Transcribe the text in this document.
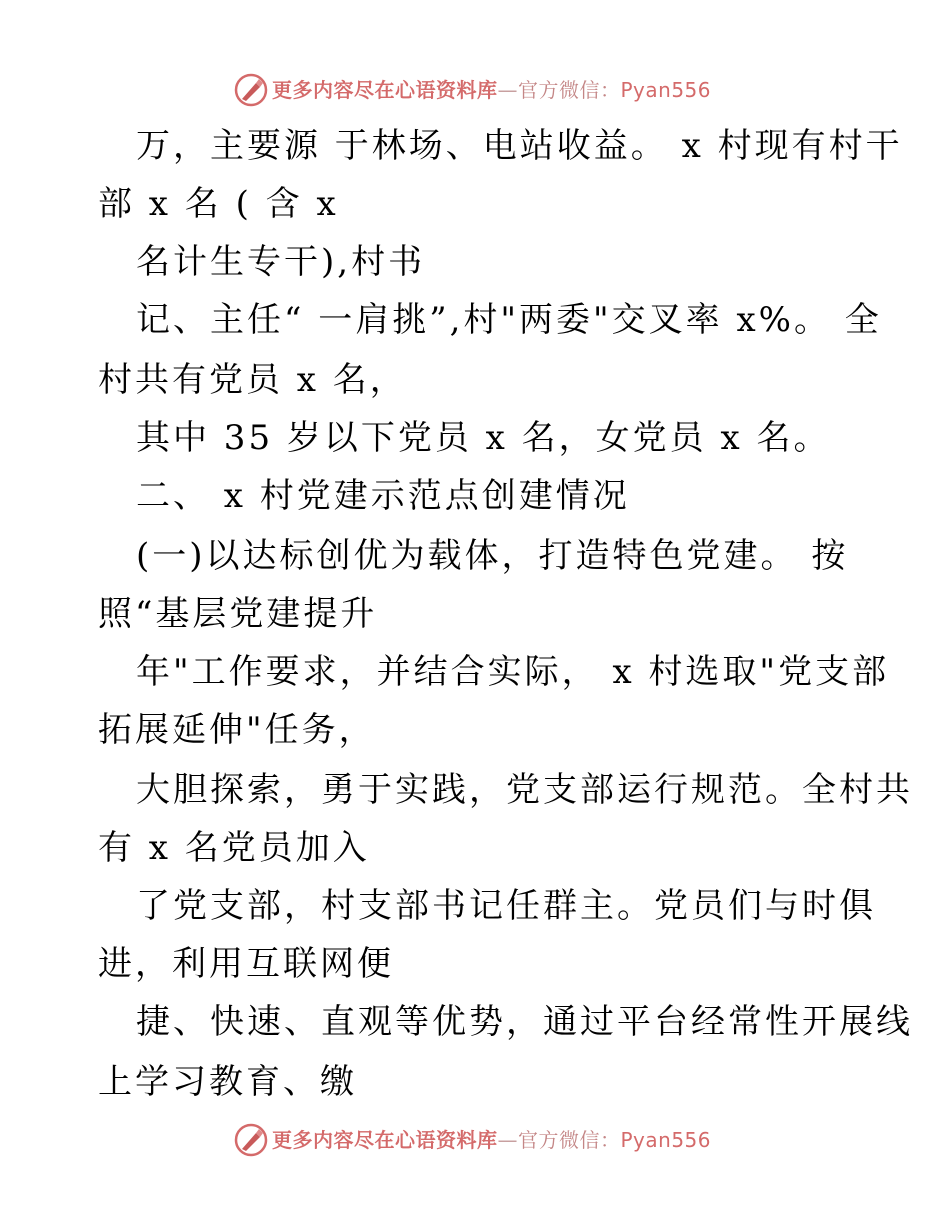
更多内容尽在心语资料库—官方微信：Pyan556
万，主要源 于林场、电站收益。 x 村现有村干
部 x 名 ( 含 x
名计生专干),村书
记、主任“ 一肩挑”,村"两委"交叉率 x%。 全
村共有党员 x 名，
其中 35 岁以下党员 x 名，女党员 x 名。
二、 x 村党建示范点创建情况
(一)以达标创优为载体，打造特色党建。 按
照“基层党建提升
年"工作要求，并结合实际， x 村选取"党支部
拓展延伸"任务，
大胆探索，勇于实践，党支部运行规范。全村共
有 x 名党员加入
了党支部，村支部书记任群主。党员们与时俱
进，利用互联网便
捷、快速、直观等优势，通过平台经常性开展线
上学习教育、缴
更多内容尽在心语资料库—官方微信：Pyan556
